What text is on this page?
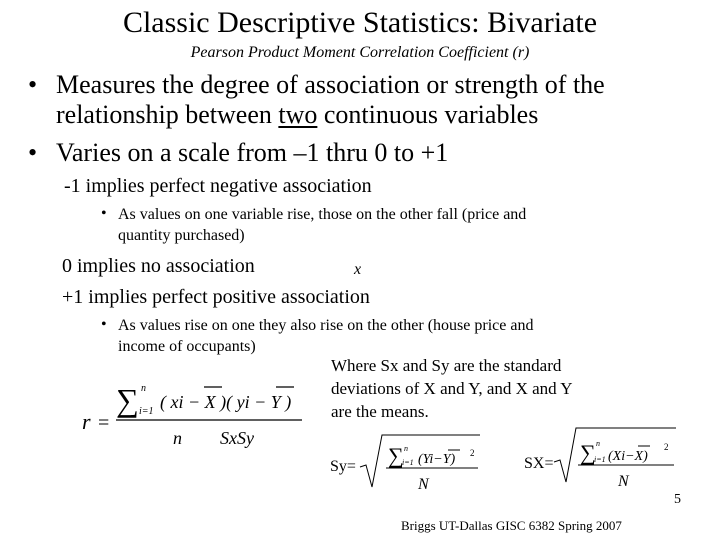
Classic Descriptive Statistics: Bivariate
Pearson Product Moment Correlation Coefficient (r)
• Measures the degree of association or strength of the
relationship between two continuous variables
• Varies on a scale from –1 thru 0 to +1
-1 implies perfect negative association
• As values on one variable rise, those on the other fall (price and
quantity purchased)
0 implies no association	x
+1 implies perfect positive association
• As values rise on one they also rise on the other (house price and
income of occupants)
Where Sx and Sy are the standard
deviations of X and Y, and X and Y
are the means.
r =
∑ n
i=1 ( xi − X )( yi − Y )
n SxSy
Sy= ∑ n
i=1 (Yi−Y) 2
N
SX= ∑ n
i=1 (Xi−X)
2
N
5
Briggs UT-Dallas GISC 6382 Spring 2007
